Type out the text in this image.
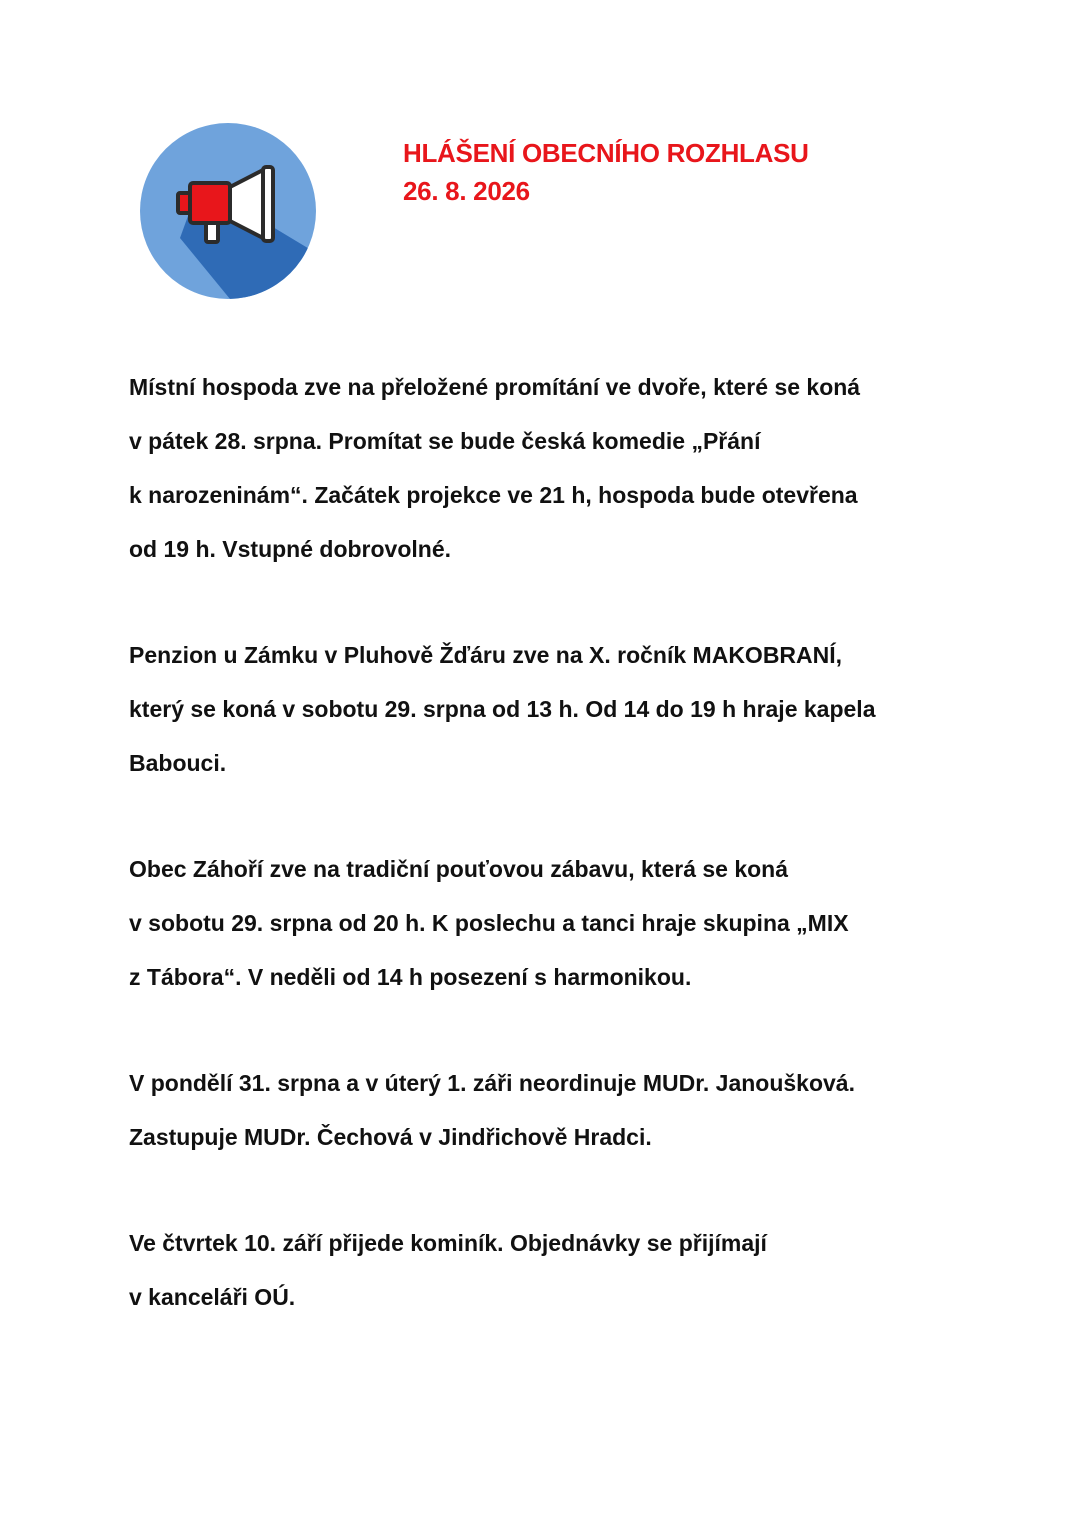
HLÁŠENÍ OBECNÍHO ROZHLASU
26. 8. 2026
Místní hospoda zve na přeložené promítání ve dvoře, které se koná
v pátek 28. srpna. Promítat se bude česká komedie „Přání
k narozeninám“. Začátek projekce ve 21 h, hospoda bude otevřena
od 19 h. Vstupné dobrovolné.
Penzion u Zámku v Pluhově Žďáru zve na X. ročník MAKOBRANÍ,
který se koná v sobotu 29. srpna od 13 h. Od 14 do 19 h hraje kapela
Babouci.
Obec Záhoří zve na tradiční pouťovou zábavu, která se koná
v sobotu 29. srpna od 20 h. K poslechu a tanci hraje skupina „MIX
z Tábora“. V neděli od 14 h posezení s harmonikou.
V pondělí 31. srpna a v úterý 1. záři neordinuje MUDr. Janoušková.
Zastupuje MUDr. Čechová v Jindřichově Hradci.
Ve čtvrtek 10. září přijede kominík. Objednávky se přijímají
v kanceláři OÚ.
